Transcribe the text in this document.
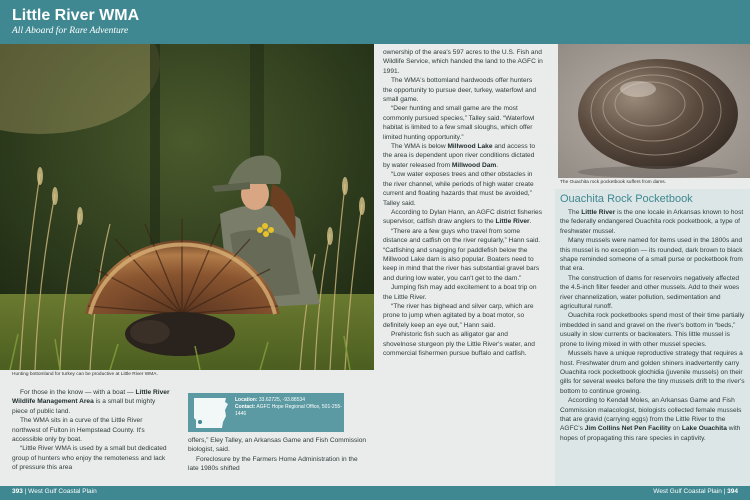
Little River WMA
All Aboard for Rare Adventure
Hunting bottomland for turkey can be productive at Little River WMA.

For those in the know — with a boat — Little River Wildlife Management Area is a small but mighty piece of public land.

The WMA sits in a curve of the Little River northwest of Fulton in Hempstead County. It's accessible only by boat.

“Little River WMA is used by a small but dedicated group of hunters who enjoy the remoteness and lack of pressure this area

Location: 33.62725, -93.88534
Contact: AGFC Hope Regional Office, 501-255-1446

offers,” Eley Talley, an Arkansas Game and Fish Commission biologist, said.

Foreclosure by the Farmers Home Administration in the late 1980s shifted

ownership of the area's 597 acres to the U.S. Fish and Wildlife Service, which handed the land to the AGFC in 1991.

The WMA's bottomland hardwoods offer hunters the opportunity to pursue deer, turkey, waterfowl and small game.

“Deer hunting and small game are the most commonly pursued species,” Talley said. “Waterfowl habitat is limited to a few small sloughs, which offer limited hunting opportunity.”

The WMA is below Millwood Lake and access to the area is dependent upon river conditions dictated by water released from Millwood Dam.

“Low water exposes trees and other obstacles in the river channel, while periods of high water create current and floating hazards that must be avoided,” Talley said.

According to Dylan Hann, an AGFC district fisheries supervisor, catfish draw anglers to the Little River.

“There are a few guys who travel from some distance and catfish on the river regularly,” Hann said. “Catfishing and snagging for paddlefish below the Millwood Lake dam is also popular. Boaters need to keep in mind that the river has substantial gravel bars and during low water, you can't get to the dam.”

Jumping fish may add excitement to a boat trip on the Little River.

“The river has bighead and silver carp, which are prone to jump when agitated by a boat motor, so definitely keep an eye out,” Hann said.

Prehistoric fish such as alligator gar and shovelnose sturgeon ply the Little River's water, and commercial fishermen pursue buffalo and catfish.

The Ouachita rock pocketbook suffers from dams.
Ouachita Rock Pocketbook

The Little River is the one locale in Arkansas known to host the federally endangered Ouachita rock pocketbook, a type of freshwater mussel.

Many mussels were named for items used in the 1800s and this mussel is no exception — its rounded, dark brown to black shape reminded someone of a small purse or pocketbook from that era.

The construction of dams for reservoirs negatively affected the 4.5-inch filter feeder and other mussels. Add to their woes river channelization, water pollution, sedimentation and agricultural runoff.

Ouachita rock pocketbooks spend most of their time partially imbedded in sand and gravel on the river's bottom in “beds,” usually in slow currents or backwaters. This little mussel is prone to living mixed in with other mussel species.

Mussels have a unique reproductive strategy that requires a host. Freshwater drum and golden shiners inadvertently carry Ouachita rock pocketbook glochidia (juvenile mussels) on their gills for several weeks before the tiny mussels drift to the river's bottom to continue growing.

According to Kendall Moles, an Arkansas Game and Fish Commission malacologist, biologists collected female mussels that are gravid (carrying eggs) from the Little River to the AGFC's Jim Collins Net Pen Facility on Lake Ouachita with hopes of propagating this rare species in captivity.

393 | West Gulf Coastal Plain	West Gulf Coastal Plain | 394
